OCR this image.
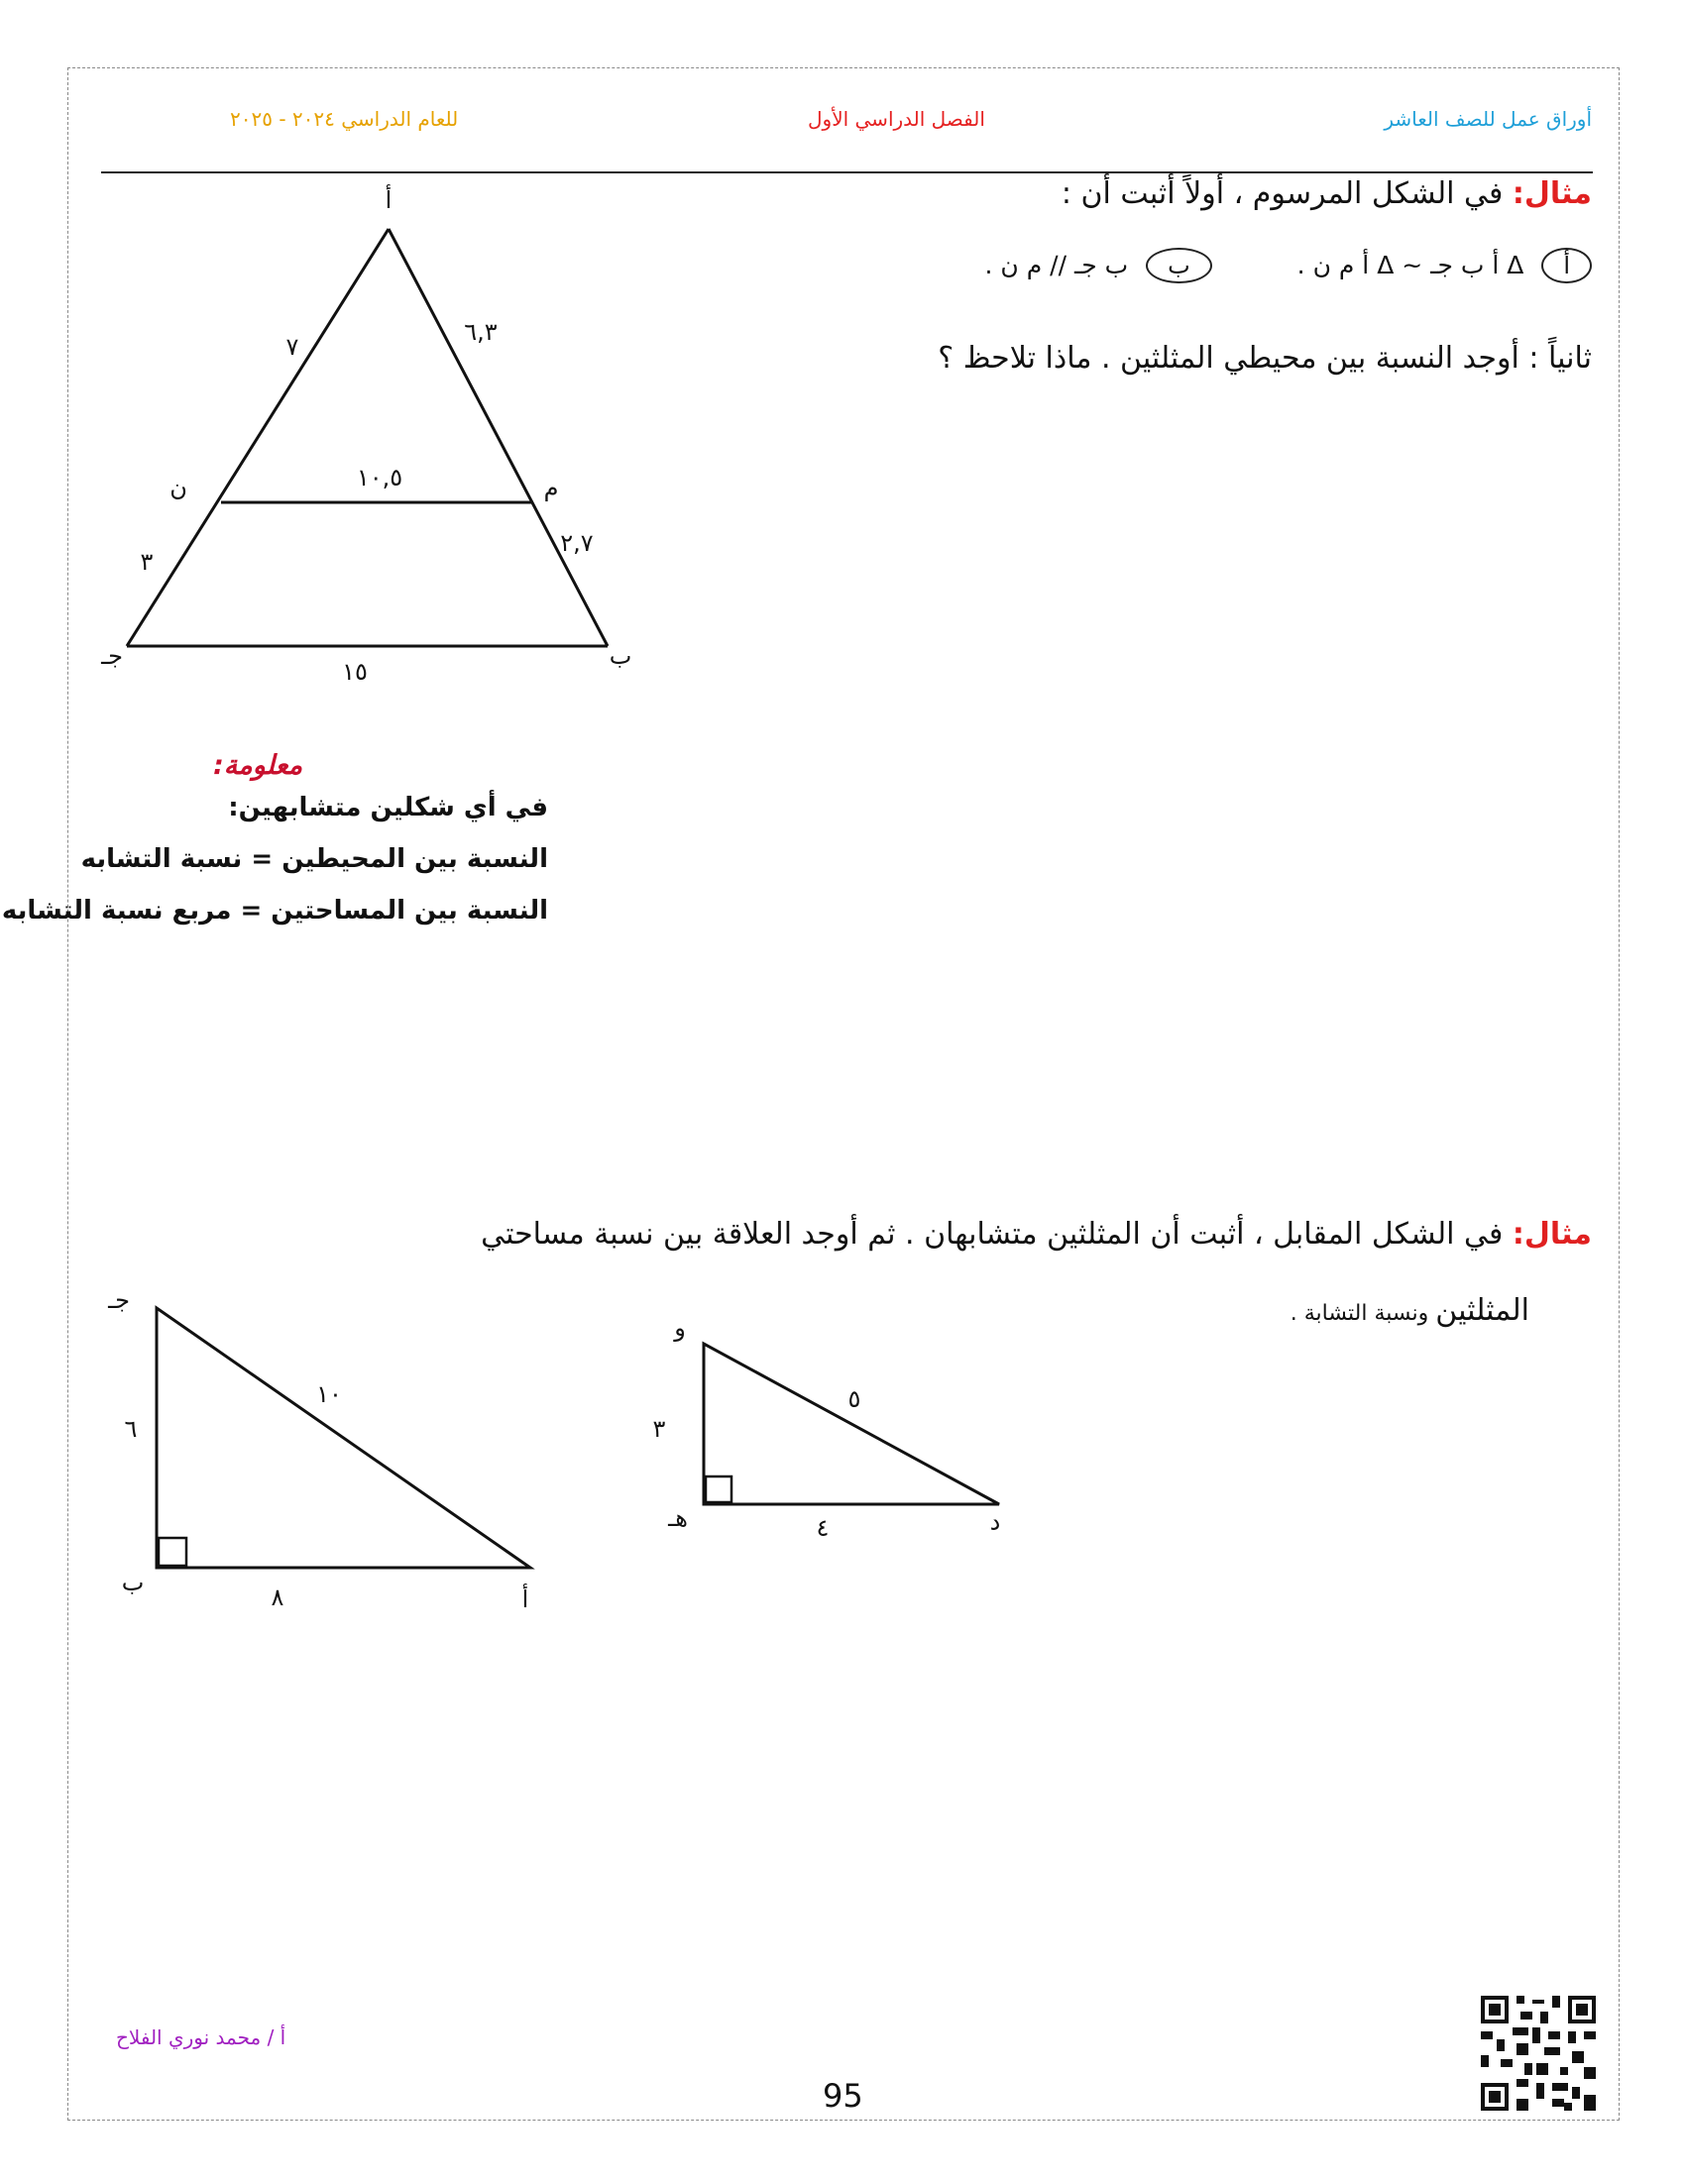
أوراق عمل للصف العاشر
الفصل الدراسي الأول
للعام الدراسي ٢٠٢٤ - ٢٠٢٥
مثال: في الشكل المرسوم ، أولاً أثبت أن :
أ Δ أ ب جـ ~ Δ أ م ن .  ب ب جـ ∕∕ م ن .
ثانياً : أوجد النسبة بين محيطي المثلثين . ماذا تلاحظ ؟
أ
جـ	ب
ن	م
٧
٦,٣
١٠,٥
٣
٢,٧
١٥
معلومة:
في أي شكلين متشابهين:
النسبة بين المحيطين = نسبة التشابه
النسبة بين المساحتين = مربع نسبة التشابه
مثال: في الشكل المقابل ، أثبت أن المثلثين متشابهان . ثم أوجد العلاقة بين نسبة مساحتي
المثلثين ونسبة التشابة .
جـ
ب
أ
٦
١٠
٨
و
هـ	د
٣
٥
٤
أ / محمد نوري الفلاح
95
